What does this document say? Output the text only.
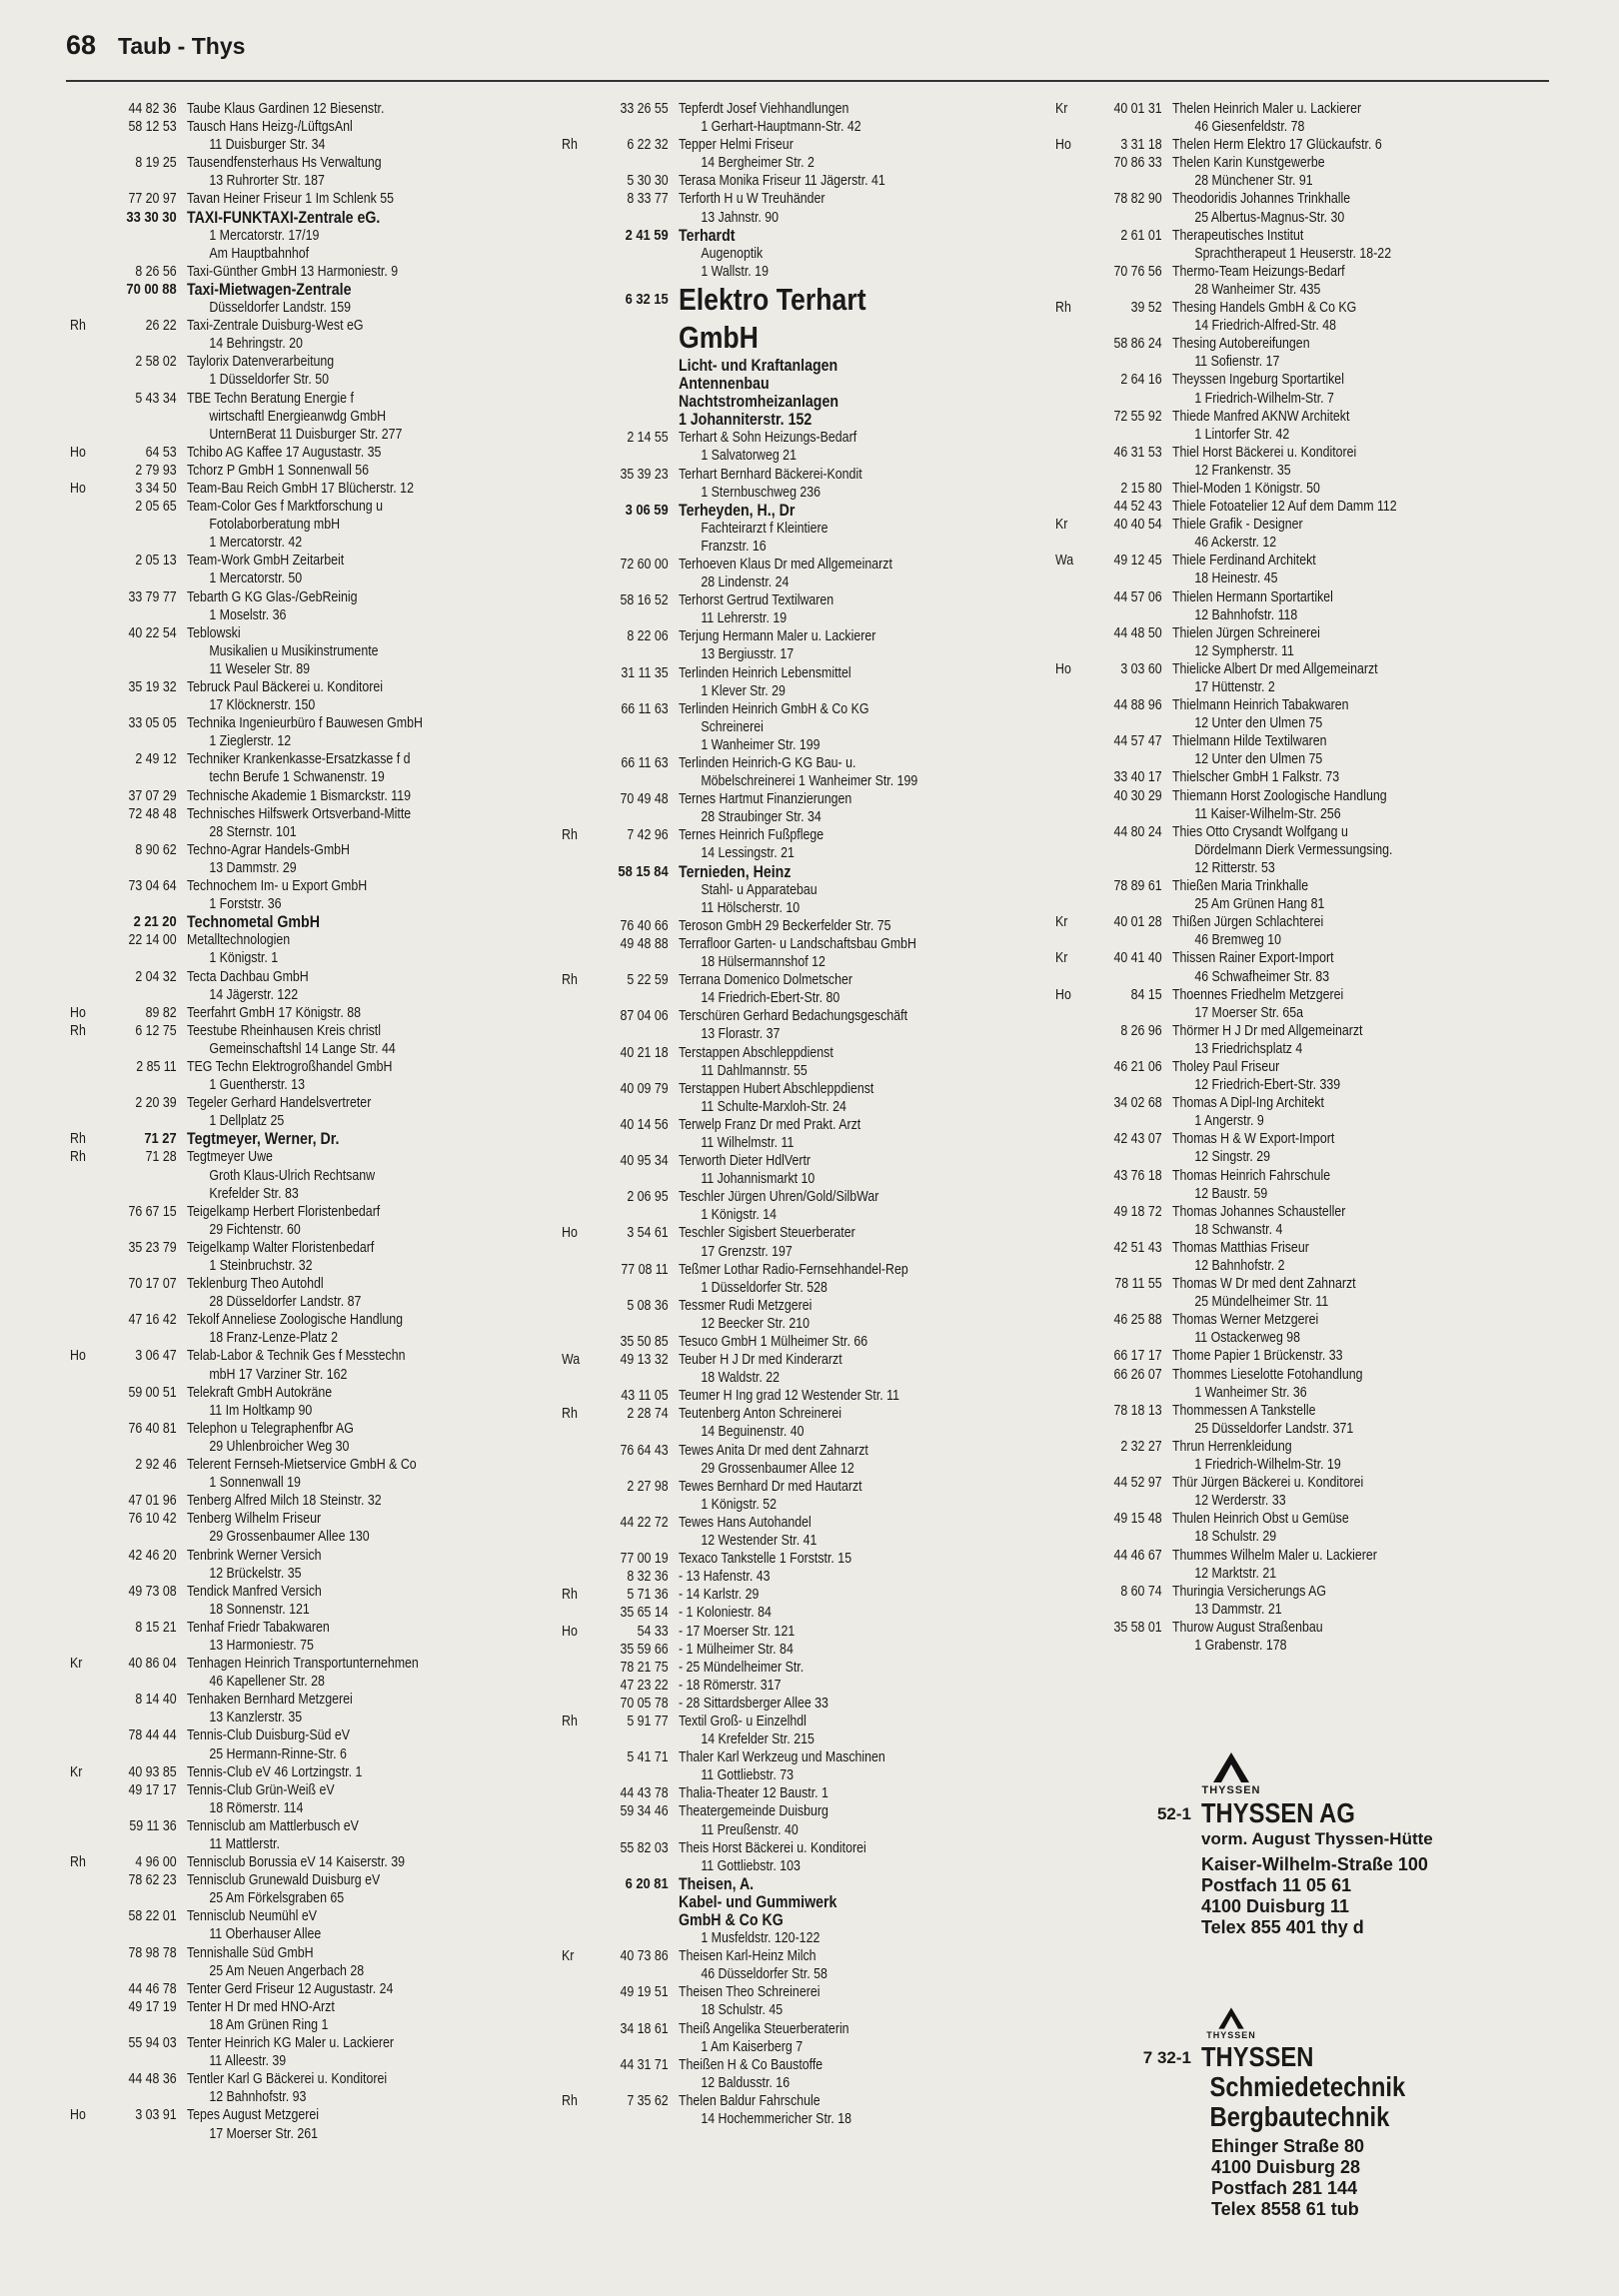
68 Taub - Thys
44 82 36 Taube Klaus Gardinen 12 Biesenstr.
58 12 53 Tausch Hans Heizg-/LüftgsAnl
11 Duisburger Str. 34
8 19 25 Tausendfensterhaus Hs Verwaltung
13 Ruhrorter Str. 187
77 20 97 Tavan Heiner Friseur 1 Im Schlenk 55
33 30 30 TAXI-FUNKTAXI-Zentrale eG.
1 Mercatorstr. 17/19
Am Hauptbahnhof
8 26 56 Taxi-Günther GmbH 13 Harmoniestr. 9
70 00 88 Taxi-Mietwagen-Zentrale
Düsseldorfer Landstr. 159
Rh	26 22 Taxi-Zentrale Duisburg-West eG
14 Behringstr. 20
2 58 02 Taylorix Datenverarbeitung
1 Düsseldorfer Str. 50
5 43 34 TBE Techn Beratung Energie f
wirtschaftl Energieanwdg GmbH
UnternBerat 11 Duisburger Str. 277
Ho	64 53 Tchibo AG Kaffee 17 Augustastr. 35
2 79 93 Tchorz P GmbH 1 Sonnenwall 56
Ho	3 34 50 Team-Bau Reich GmbH 17 Blücherstr. 12
2 05 65 Team-Color Ges f Marktforschung u
Fotolaborberatung mbH
1 Mercatorstr. 42
2 05 13 Team-Work GmbH Zeitarbeit
1 Mercatorstr. 50
33 79 77 Tebarth G KG Glas-/GebReinig
1 Moselstr. 36
40 22 54 Teblowski
Musikalien u Musikinstrumente
11 Weseler Str. 89
35 19 32 Tebruck Paul Bäckerei u. Konditorei
17 Klöcknerstr. 150
33 05 05 Technika Ingenieurbüro f Bauwesen GmbH
1 Zieglerstr. 12
2 49 12 Techniker Krankenkasse-Ersatzkasse f d
techn Berufe 1 Schwanenstr. 19
37 07 29 Technische Akademie 1 Bismarckstr. 119
72 48 48 Technisches Hilfswerk Ortsverband-Mitte
28 Sternstr. 101
8 90 62 Techno-Agrar Handels-GmbH
13 Dammstr. 29
73 04 64 Technochem Im- u Export GmbH
1 Forststr. 36
2 21 20 Technometal GmbH
22 14 00 Metalltechnologien
1 Königstr. 1
2 04 32 Tecta Dachbau GmbH
14 Jägerstr. 122
Ho	89 82 Teerfahrt GmbH 17 Königstr. 88
Rh	6 12 75 Teestube Rheinhausen Kreis christl
Gemeinschaftshl 14 Lange Str. 44
2 85 11 TEG Techn Elektrogroßhandel GmbH
1 Guentherstr. 13
2 20 39 Tegeler Gerhard Handelsvertreter
1 Dellplatz 25
Rh	71 27 Tegtmeyer, Werner, Dr.
Rh	71 28 Tegtmeyer Uwe
Groth Klaus-Ulrich Rechtsanw
Krefelder Str. 83
76 67 15 Teigelkamp Herbert Floristenbedarf
29 Fichtenstr. 60
35 23 79 Teigelkamp Walter Floristenbedarf
1 Steinbruchstr. 32
70 17 07 Teklenburg Theo Autohdl
28 Düsseldorfer Landstr. 87
47 16 42 Tekolf Anneliese Zoologische Handlung
18 Franz-Lenze-Platz 2
Ho	3 06 47 Telab-Labor & Technik Ges f Messtechn
mbH 17 Varziner Str. 162
59 00 51 Telekraft GmbH Autokräne
11 Im Holtkamp 90
76 40 81 Telephon u Telegraphenfbr AG
29 Uhlenbroicher Weg 30
2 92 46 Telerent Fernseh-Mietservice GmbH & Co
1 Sonnenwall 19
47 01 96 Tenberg Alfred Milch 18 Steinstr. 32
76 10 42 Tenberg Wilhelm Friseur
29 Grossenbaumer Allee 130
42 46 20 Tenbrink Werner Versich
12 Brückelstr. 35
49 73 08 Tendick Manfred Versich
18 Sonnenstr. 121
8 15 21 Tenhaf Friedr Tabakwaren
13 Harmoniestr. 75
Kr	40 86 04 Tenhagen Heinrich Transportunternehmen
46 Kapellener Str. 28
8 14 40 Tenhaken Bernhard Metzgerei
13 Kanzlerstr. 35
78 44 44 Tennis-Club Duisburg-Süd eV
25 Hermann-Rinne-Str. 6
Kr	40 93 85 Tennis-Club eV 46 Lortzingstr. 1
49 17 17 Tennis-Club Grün-Weiß eV
18 Römerstr. 114
59 11 36 Tennisclub am Mattlerbusch eV
11 Mattlerstr.
Rh	4 96 00 Tennisclub Borussia eV 14 Kaiserstr. 39
78 62 23 Tennisclub Grunewald Duisburg eV
25 Am Förkelsgraben 65
58 22 01 Tennisclub Neumühl eV
11 Oberhauser Allee
78 98 78 Tennishalle Süd GmbH
25 Am Neuen Angerbach 28
44 46 78 Tenter Gerd Friseur 12 Augustastr. 24
49 17 19 Tenter H Dr med HNO-Arzt
18 Am Grünen Ring 1
55 94 03 Tenter Heinrich KG Maler u. Lackierer
11 Alleestr. 39
44 48 36 Tentler Karl G Bäckerei u. Konditorei
12 Bahnhofstr. 93
Ho	3 03 91 Tepes August Metzgerei
17 Moerser Str. 261
33 26 55 Tepferdt Josef Viehhandlungen
1 Gerhart-Hauptmann-Str. 42
Rh	6 22 32 Tepper Helmi Friseur
14 Bergheimer Str. 2
5 30 30 Terasa Monika Friseur 11 Jägerstr. 41
8 33 77 Terforth H u W Treuhänder
13 Jahnstr. 90
2 41 59 Terhardt
Augenoptik
1 Wallstr. 19
6 32 15 Elektro Terhart
GmbH
Licht- und Kraftanlagen
Antennenbau
Nachtstromheizanlagen
1 Johanniterstr. 152
2 14 55 Terhart & Sohn Heizungs-Bedarf
1 Salvatorweg 21
35 39 23 Terhart Bernhard Bäckerei-Kondit
1 Sternbuschweg 236
3 06 59 Terheyden, H., Dr
Fachteirarzt f Kleintiere
Franzstr. 16
72 60 00 Terhoeven Klaus Dr med Allgemeinarzt
28 Lindenstr. 24
58 16 52 Terhorst Gertrud Textilwaren
11 Lehrerstr. 19
8 22 06 Terjung Hermann Maler u. Lackierer
13 Bergiusstr. 17
31 11 35 Terlinden Heinrich Lebensmittel
1 Klever Str. 29
66 11 63 Terlinden Heinrich GmbH & Co KG
Schreinerei
1 Wanheimer Str. 199
66 11 63 Terlinden Heinrich-G KG Bau- u.
Möbelschreinerei 1 Wanheimer Str. 199
70 49 48 Ternes Hartmut Finanzierungen
28 Straubinger Str. 34
Rh	7 42 96 Ternes Heinrich Fußpflege
14 Lessingstr. 21
58 15 84 Ternieden, Heinz
Stahl- u Apparatebau
11 Hölscherstr. 10
76 40 66 Teroson GmbH 29 Beckerfelder Str. 75
49 48 88 Terrafloor Garten- u Landschaftsbau GmbH
18 Hülsermannshof 12
Rh	5 22 59 Terrana Domenico Dolmetscher
14 Friedrich-Ebert-Str. 80
87 04 06 Terschüren Gerhard Bedachungsgeschäft
13 Florastr. 37
40 21 18 Terstappen Abschleppdienst
11 Dahlmannstr. 55
40 09 79 Terstappen Hubert Abschleppdienst
11 Schulte-Marxloh-Str. 24
40 14 56 Terwelp Franz Dr med Prakt. Arzt
11 Wilhelmstr. 11
40 95 34 Terworth Dieter HdlVertr
11 Johannismarkt 10
2 06 95 Teschler Jürgen Uhren/Gold/SilbWar
1 Königstr. 14
Ho	3 54 61 Teschler Sigisbert Steuerberater
17 Grenzstr. 197
77 08 11 Teßmer Lothar Radio-Fernsehhandel-Rep
1 Düsseldorfer Str. 528
5 08 36 Tessmer Rudi Metzgerei
12 Beecker Str. 210
35 50 85 Tesuco GmbH 1 Mülheimer Str. 66
Wa	49 13 32 Teuber H J Dr med Kinderarzt
18 Waldstr. 22
43 11 05 Teumer H Ing grad 12 Westender Str. 11
Rh	2 28 74 Teutenberg Anton Schreinerei
14 Beguinenstr. 40
76 64 43 Tewes Anita Dr med dent Zahnarzt
29 Grossenbaumer Allee 12
2 27 98 Tewes Bernhard Dr med Hautarzt
1 Königstr. 52
44 22 72 Tewes Hans Autohandel
12 Westender Str. 41
77 00 19 Texaco Tankstelle 1 Forststr. 15
8 32 36 - 13 Hafenstr. 43
Rh	5 71 36 - 14 Karlstr. 29
35 65 14 - 1 Koloniestr. 84
Ho	54 33 - 17 Moerser Str. 121
35 59 66 - 1 Mülheimer Str. 84
78 21 75 - 25 Mündelheimer Str.
47 23 22 - 18 Römerstr. 317
70 05 78 - 28 Sittardsberger Allee 33
Rh	5 91 77 Textil Groß- u Einzelhdl
14 Krefelder Str. 215
5 41 71 Thaler Karl Werkzeug und Maschinen
11 Gottliebstr. 73
44 43 78 Thalia-Theater 12 Baustr. 1
59 34 46 Theatergemeinde Duisburg
11 Preußenstr. 40
55 82 03 Theis Horst Bäckerei u. Konditorei
11 Gottliebstr. 103
6 20 81 Theisen, A.
Kabel- und Gummiwerk
GmbH & Co KG
1 Musfeldstr. 120-122
Kr	40 73 86 Theisen Karl-Heinz Milch
46 Düsseldorfer Str. 58
49 19 51 Theisen Theo Schreinerei
18 Schulstr. 45
34 18 61 Theiß Angelika Steuerberaterin
1 Am Kaiserberg 7
44 31 71 Theißen H & Co Baustoffe
12 Baldusstr. 16
Rh	7 35 62 Thelen Baldur Fahrschule
14 Hochemmericher Str. 18
Kr	40 01 31 Thelen Heinrich Maler u. Lackierer
46 Giesenfeldstr. 78
Ho	3 31 18 Thelen Herm Elektro 17 Glückaufstr. 6
70 86 33 Thelen Karin Kunstgewerbe
28 Münchener Str. 91
78 82 90 Theodoridis Johannes Trinkhalle
25 Albertus-Magnus-Str. 30
2 61 01 Therapeutisches Institut
Sprachtherapeut 1 Heuserstr. 18-22
70 76 56 Thermo-Team Heizungs-Bedarf
28 Wanheimer Str. 435
Rh	39 52 Thesing Handels GmbH & Co KG
14 Friedrich-Alfred-Str. 48
58 86 24 Thesing Autobereifungen
11 Sofienstr. 17
2 64 16 Theyssen Ingeburg Sportartikel
1 Friedrich-Wilhelm-Str. 7
72 55 92 Thiede Manfred AKNW Architekt
1 Lintorfer Str. 42
46 31 53 Thiel Horst Bäckerei u. Konditorei
12 Frankenstr. 35
2 15 80 Thiel-Moden 1 Königstr. 50
44 52 43 Thiele Fotoatelier 12 Auf dem Damm 112
Kr	40 40 54 Thiele Grafik - Designer
46 Ackerstr. 12
Wa	49 12 45 Thiele Ferdinand Architekt
18 Heinestr. 45
44 57 06 Thielen Hermann Sportartikel
12 Bahnhofstr. 118
44 48 50 Thielen Jürgen Schreinerei
12 Sympherstr. 11
Ho	3 03 60 Thielicke Albert Dr med Allgemeinarzt
17 Hüttenstr. 2
44 88 96 Thielmann Heinrich Tabakwaren
12 Unter den Ulmen 75
44 57 47 Thielmann Hilde Textilwaren
12 Unter den Ulmen 75
33 40 17 Thielscher GmbH 1 Falkstr. 73
40 30 29 Thiemann Horst Zoologische Handlung
11 Kaiser-Wilhelm-Str. 256
44 80 24 Thies Otto Crysandt Wolfgang u
Dördelmann Dierk Vermessungsing.
12 Ritterstr. 53
78 89 61 Thießen Maria Trinkhalle
25 Am Grünen Hang 81
Kr	40 01 28 Thißen Jürgen Schlachterei
46 Bremweg 10
Kr	40 41 40 Thissen Rainer Export-Import
46 Schwafheimer Str. 83
Ho	84 15 Thoennes Friedhelm Metzgerei
17 Moerser Str. 65a
8 26 96 Thörmer H J Dr med Allgemeinarzt
13 Friedrichsplatz 4
46 21 06 Tholey Paul Friseur
12 Friedrich-Ebert-Str. 339
34 02 68 Thomas A Dipl-Ing Architekt
1 Angerstr. 9
42 43 07 Thomas H & W Export-Import
12 Singstr. 29
43 76 18 Thomas Heinrich Fahrschule
12 Baustr. 59
49 18 72 Thomas Johannes Schausteller
18 Schwanstr. 4
42 51 43 Thomas Matthias Friseur
12 Bahnhofstr. 2
78 11 55 Thomas W Dr med dent Zahnarzt
25 Mündelheimer Str. 11
46 25 88 Thomas Werner Metzgerei
11 Ostackerweg 98
66 17 17 Thome Papier 1 Brückenstr. 33
66 26 07 Thommes Lieselotte Fotohandlung
1 Wanheimer Str. 36
78 18 13 Thommessen A Tankstelle
25 Düsseldorfer Landstr. 371
2 32 27 Thrun Herrenkleidung
1 Friedrich-Wilhelm-Str. 19
44 52 97 Thür Jürgen Bäckerei u. Konditorei
12 Werderstr. 33
49 15 48 Thulen Heinrich Obst u Gemüse
18 Schulstr. 29
44 46 67 Thummes Wilhelm Maler u. Lackierer
12 Marktstr. 21
8 60 74 Thuringia Versicherungs AG
13 Dammstr. 21
35 58 01 Thurow August Straßenbau
1 Grabenstr. 178
THYSSEN
52-1 THYSSEN AG
vorm. August Thyssen-Hütte
Kaiser-Wilhelm-Straße 100
Postfach 11 05 61
4100 Duisburg 11
Telex 855 401 thy d
THYSSEN
7 32-1 THYSSEN
Schmiedetechnik
Bergbautechnik
Ehinger Straße 80
4100 Duisburg 28
Postfach 281 144
Telex 8558 61 tub
